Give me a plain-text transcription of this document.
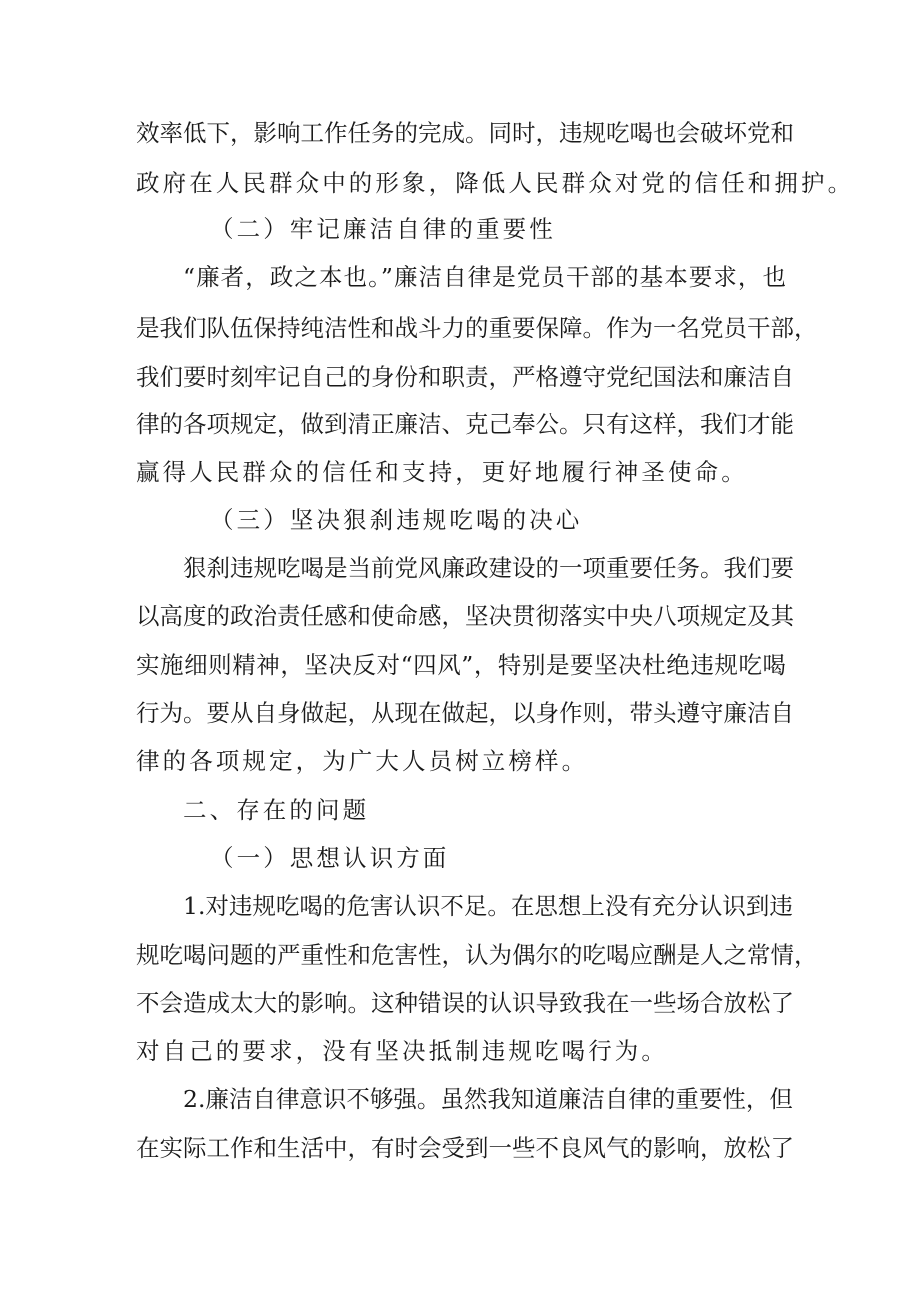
效率低下，影响工作任务的完成。同时，违规吃喝也会破坏党和
政府在人民群众中的形象，降低人民群众对党的信任和拥护。
（二）牢记廉洁自律的重要性
“廉者，政之本也。”廉洁自律是党员干部的基本要求，也
是我们队伍保持纯洁性和战斗力的重要保障。作为一名党员干部，
我们要时刻牢记自己的身份和职责，严格遵守党纪国法和廉洁自
律的各项规定，做到清正廉洁、克己奉公。只有这样，我们才能
赢得人民群众的信任和支持，更好地履行神圣使命。
（三）坚决狠刹违规吃喝的决心
狠刹违规吃喝是当前党风廉政建设的一项重要任务。我们要
以高度的政治责任感和使命感，坚决贯彻落实中央八项规定及其
实施细则精神，坚决反对“四风”，特别是要坚决杜绝违规吃喝
行为。要从自身做起，从现在做起，以身作则，带头遵守廉洁自
律的各项规定，为广大人员树立榜样。
二、存在的问题
（一）思想认识方面
1.对违规吃喝的危害认识不足。在思想上没有充分认识到违
规吃喝问题的严重性和危害性，认为偶尔的吃喝应酬是人之常情，
不会造成太大的影响。这种错误的认识导致我在一些场合放松了
对自己的要求，没有坚决抵制违规吃喝行为。
2.廉洁自律意识不够强。虽然我知道廉洁自律的重要性，但
在实际工作和生活中，有时会受到一些不良风气的影响，放松了
